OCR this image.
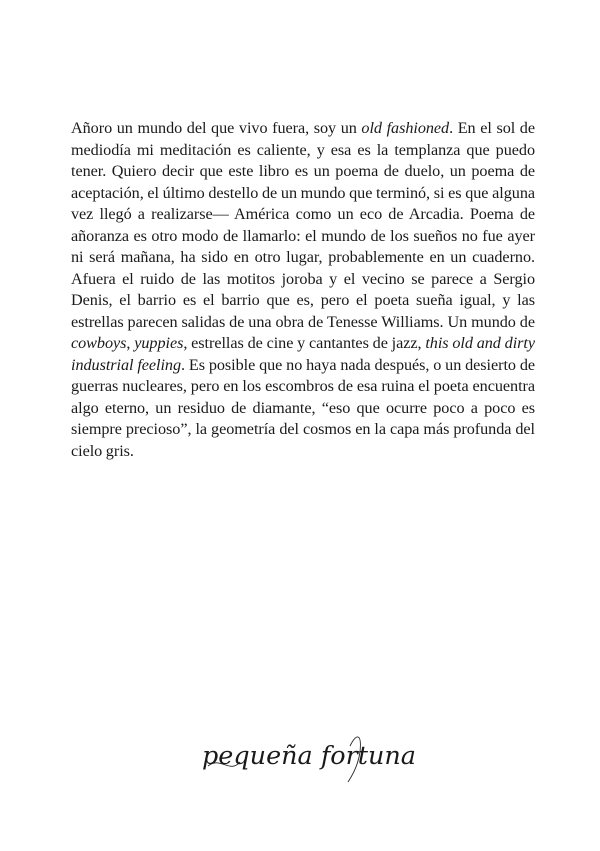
Añoro un mundo del que vivo fuera, soy un old fashioned. En el sol de mediodía mi meditación es caliente, y esa es la templanza que puedo tener. Quiero decir que este libro es un poema de duelo, un poema de aceptación, el último destello de un mundo que terminó, si es que alguna vez llegó a realizarse— América como un eco de Arcadia. Poema de añoranza es otro modo de llamarlo: el mundo de los sueños no fue ayer ni será mañana, ha sido en otro lugar, probablemente en un cuaderno. Afuera el ruido de las motitos joroba y el vecino se parece a Sergio Denis, el barrio es el barrio que es, pero el poeta sueña igual, y las estrellas parecen salidas de una obra de Tenesse Williams. Un mundo de cowboys, yuppies, estrellas de cine y cantantes de jazz, this old and dirty industrial feeling. Es posible que no haya nada después, o un desierto de guerras nucleares, pero en los escombros de esa ruina el poeta encuentra algo eterno, un residuo de diamante, “eso que ocurre poco a poco es siempre precioso”, la geometría del cosmos en la capa más profunda del cielo gris.

pequeña fortuna
